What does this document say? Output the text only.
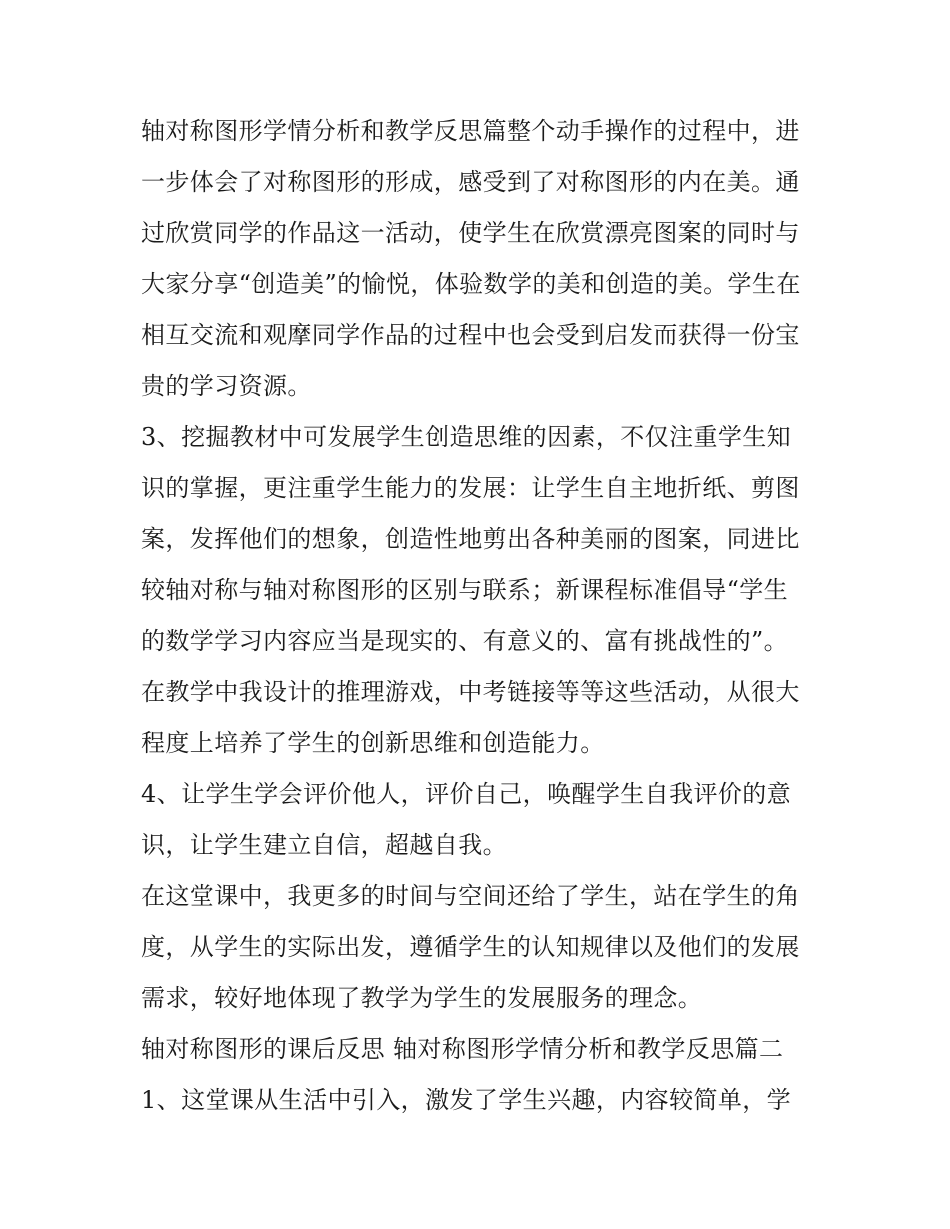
轴对称图形学情分析和教学反思篇整个动手操作的过程中，进
一步体会了对称图形的形成，感受到了对称图形的内在美。通
过欣赏同学的作品这一活动，使学生在欣赏漂亮图案的同时与
大家分享“创造美”的愉悦，体验数学的美和创造的美。学生在
相互交流和观摩同学作品的过程中也会受到启发而获得一份宝
贵的学习资源。
3、挖掘教材中可发展学生创造思维的因素，不仅注重学生知
识的掌握，更注重学生能力的发展：让学生自主地折纸、剪图
案，发挥他们的想象，创造性地剪出各种美丽的图案，同进比
较轴对称与轴对称图形的区别与联系；新课程标准倡导“学生
的数学学习内容应当是现实的、有意义的、富有挑战性的”。
在教学中我设计的推理游戏，中考链接等等这些活动，从很大
程度上培养了学生的创新思维和创造能力。
4、让学生学会评价他人，评价自己，唤醒学生自我评价的意
识，让学生建立自信，超越自我。
在这堂课中，我更多的时间与空间还给了学生，站在学生的角
度，从学生的实际出发，遵循学生的认知规律以及他们的发展
需求，较好地体现了教学为学生的发展服务的理念。
轴对称图形的课后反思 轴对称图形学情分析和教学反思篇二
1、这堂课从生活中引入，激发了学生兴趣，内容较简单，学
